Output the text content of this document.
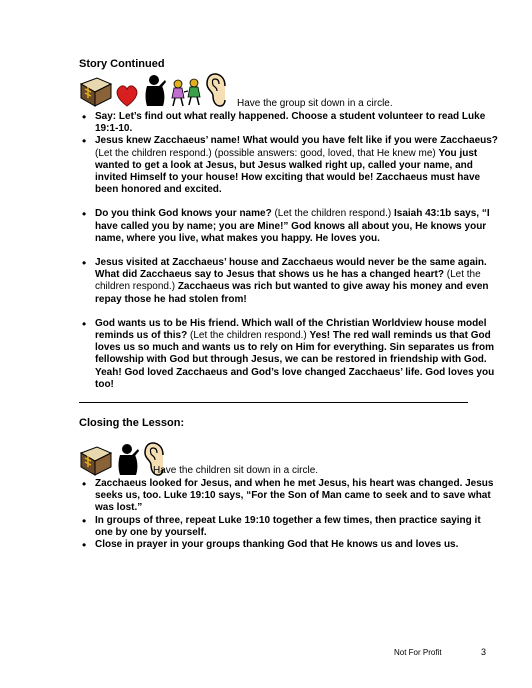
Story Continued
Have the group sit down in a circle.
• Say: Let’s find out what really happened. Choose a student volunteer to read Luke 19:1-10.
• Jesus knew Zacchaeus’ name! What would you have felt like if you were Zacchaeus? (Let the children respond.) (possible answers: good, loved, that He knew me) You just wanted to get a look at Jesus, but Jesus walked right up, called your name, and invited Himself to your house! How exciting that would be! Zacchaeus must have been honored and excited.
• Do you think God knows your name? (Let the children respond.) Isaiah 43:1b says, “I have called you by name; you are Mine!” God knows all about you, He knows your name, where you live, what makes you happy. He loves you.
• Jesus visited at Zacchaeus’ house and Zacchaeus would never be the same again. What did Zacchaeus say to Jesus that shows us he has a changed heart? (Let the children respond.) Zacchaeus was rich but wanted to give away his money and even repay those he had stolen from!
• God wants us to be His friend. Which wall of the Christian Worldview house model reminds us of this? (Let the children respond.) Yes! The red wall reminds us that God loves us so much and wants us to rely on Him for everything. Sin separates us from fellowship with God but through Jesus, we can be restored in friendship with God. Yeah! God loved Zacchaeus and God’s love changed Zacchaeus’ life. God loves you too!
Closing the Lesson:
Have the children sit down in a circle.
• Zacchaeus looked for Jesus, and when he met Jesus, his heart was changed. Jesus seeks us, too. Luke 19:10 says, “For the Son of Man came to seek and to save what was lost.”
• In groups of three, repeat Luke 19:10 together a few times, then practice saying it one by one by yourself.
• Close in prayer in your groups thanking God that He knows us and loves us.
Not For Profit	3
